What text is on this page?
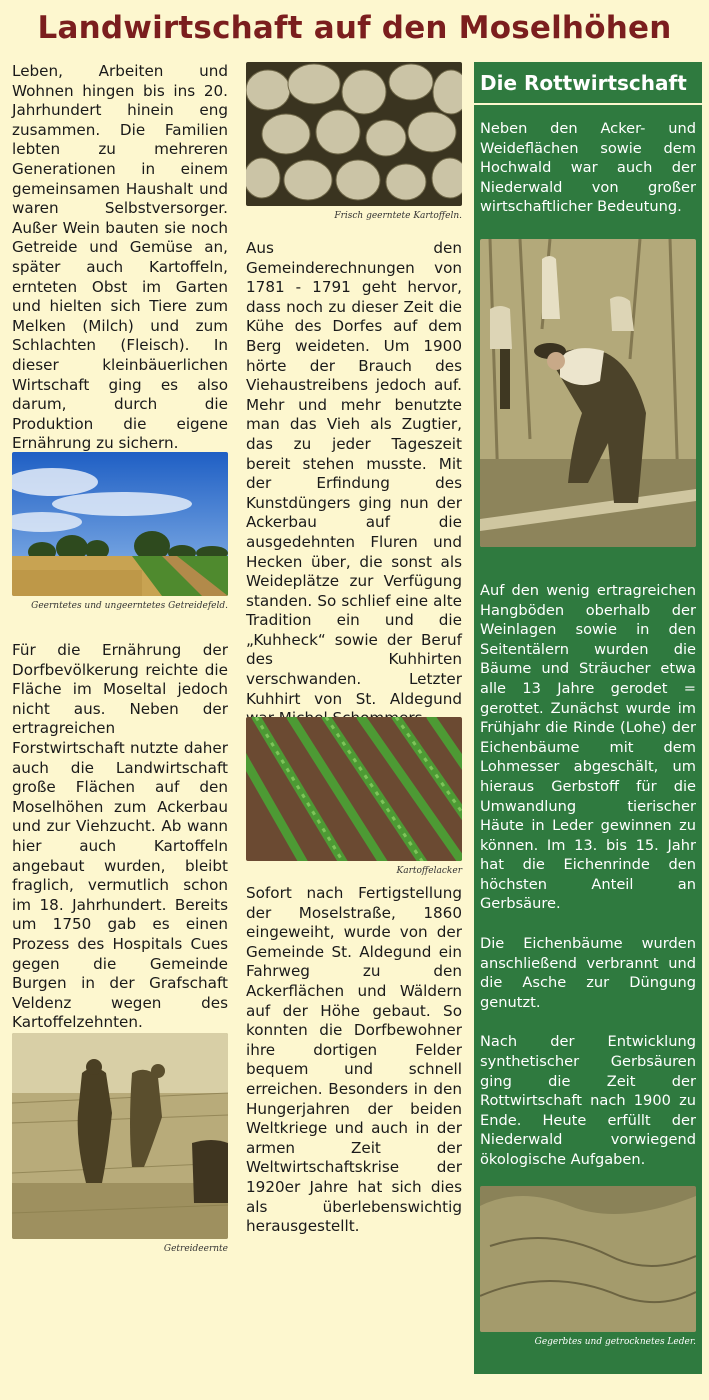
Landwirtschaft auf den Moselhöhen

Leben, Arbeiten und Wohnen hingen bis ins 20. Jahrhundert hinein eng zusammen. Die Familien lebten zu mehreren Generationen in einem gemeinsamen Haushalt und waren Selbstversorger. Außer Wein bauten sie noch Getreide und Gemüse an, später auch Kartoffeln, ernteten Obst im Garten und hielten sich Tiere zum Melken (Milch) und zum Schlachten (Fleisch). In dieser kleinbäuerlichen Wirtschaft ging es also darum, durch die Produktion die eigene Ernährung zu sichern.

Geerntetes und ungeerntetes Getreidefeld.

Für die Ernährung der Dorfbevölkerung reichte die Fläche im Moseltal jedoch nicht aus. Neben der ertragreichen Forstwirtschaft nutzte daher auch die Landwirtschaft große Flächen auf den Moselhöhen zum Ackerbau und zur Viehzucht. Ab wann hier auch Kartoffeln angebaut wurden, bleibt fraglich, vermutlich schon im 18. Jahrhundert. Bereits um 1750 gab es einen Prozess des Hospitals Cues gegen die Gemeinde Burgen in der Grafschaft Veldenz wegen des Kartoffelzehnten.

Getreideernte
Frisch geerntete Kartoffeln.

Aus den Gemeinderechnungen von 1781 - 1791 geht hervor, dass noch zu dieser Zeit die Kühe des Dorfes auf dem Berg weideten. Um 1900 hörte der Brauch des Viehaustreibens jedoch auf. Mehr und mehr benutzte man das Vieh als Zugtier, das zu jeder Tageszeit bereit stehen musste. Mit der Erfindung des Kunstdüngers ging nun der Ackerbau auf die ausgedehnten Fluren und Hecken über, die sonst als Weideplätze zur Verfügung standen. So schlief eine alte Tradition ein und die „Kuhheck“ sowie der Beruf des Kuhhirten verschwanden. Letzter Kuhhirt von St. Aldegund

Kartoffelacker

Sofort nach Fertigstellung der Moselstraße, 1860 eingeweiht, wurde von der Gemeinde St. Aldegund ein Fahrweg zu den Ackerflächen und Wäldern auf der Höhe gebaut. So konnten die Dorfbewohner ihre dortigen Felder bequem und schnell erreichen. Besonders in den Hungerjahren der beiden Weltkriege und auch in der armen Zeit der Weltwirtschaftskrise der 1920er Jahre hat sich dies als überlebenswichtig herausgestellt.

Die Rottwirtschaft

Neben den Acker- und Weideflächen sowie dem Hochwald war auch der Niederwald von großer wirtschaftlicher Bedeutung.

Auf den wenig ertragreichen Hangböden oberhalb der Weinlagen sowie in den Seitentälern wurden die Bäume und Sträucher etwa alle 13 Jahre gerodet = gerottet. Zunächst wurde im Frühjahr die Rinde (Lohe) der Eichenbäume mit dem Lohmesser abgeschält, um hieraus Gerbstoff für die Umwandlung tierischer Häute in Leder gewinnen zu können. Im 13. bis 15. Jahr hat die Eichenrinde den höchsten Anteil an Gerbsäure.

Die Eichenbäume wurden anschließend verbrannt und die Asche zur Düngung genutzt.

Nach der Entwicklung synthetischer Gerbsäuren ging die Zeit der Rottwirtschaft nach 1900 zu Ende. Heute erfüllt der Niederwald vorwiegend ökologische Aufgaben.

Gegerbtes und getrocknetes Leder.
